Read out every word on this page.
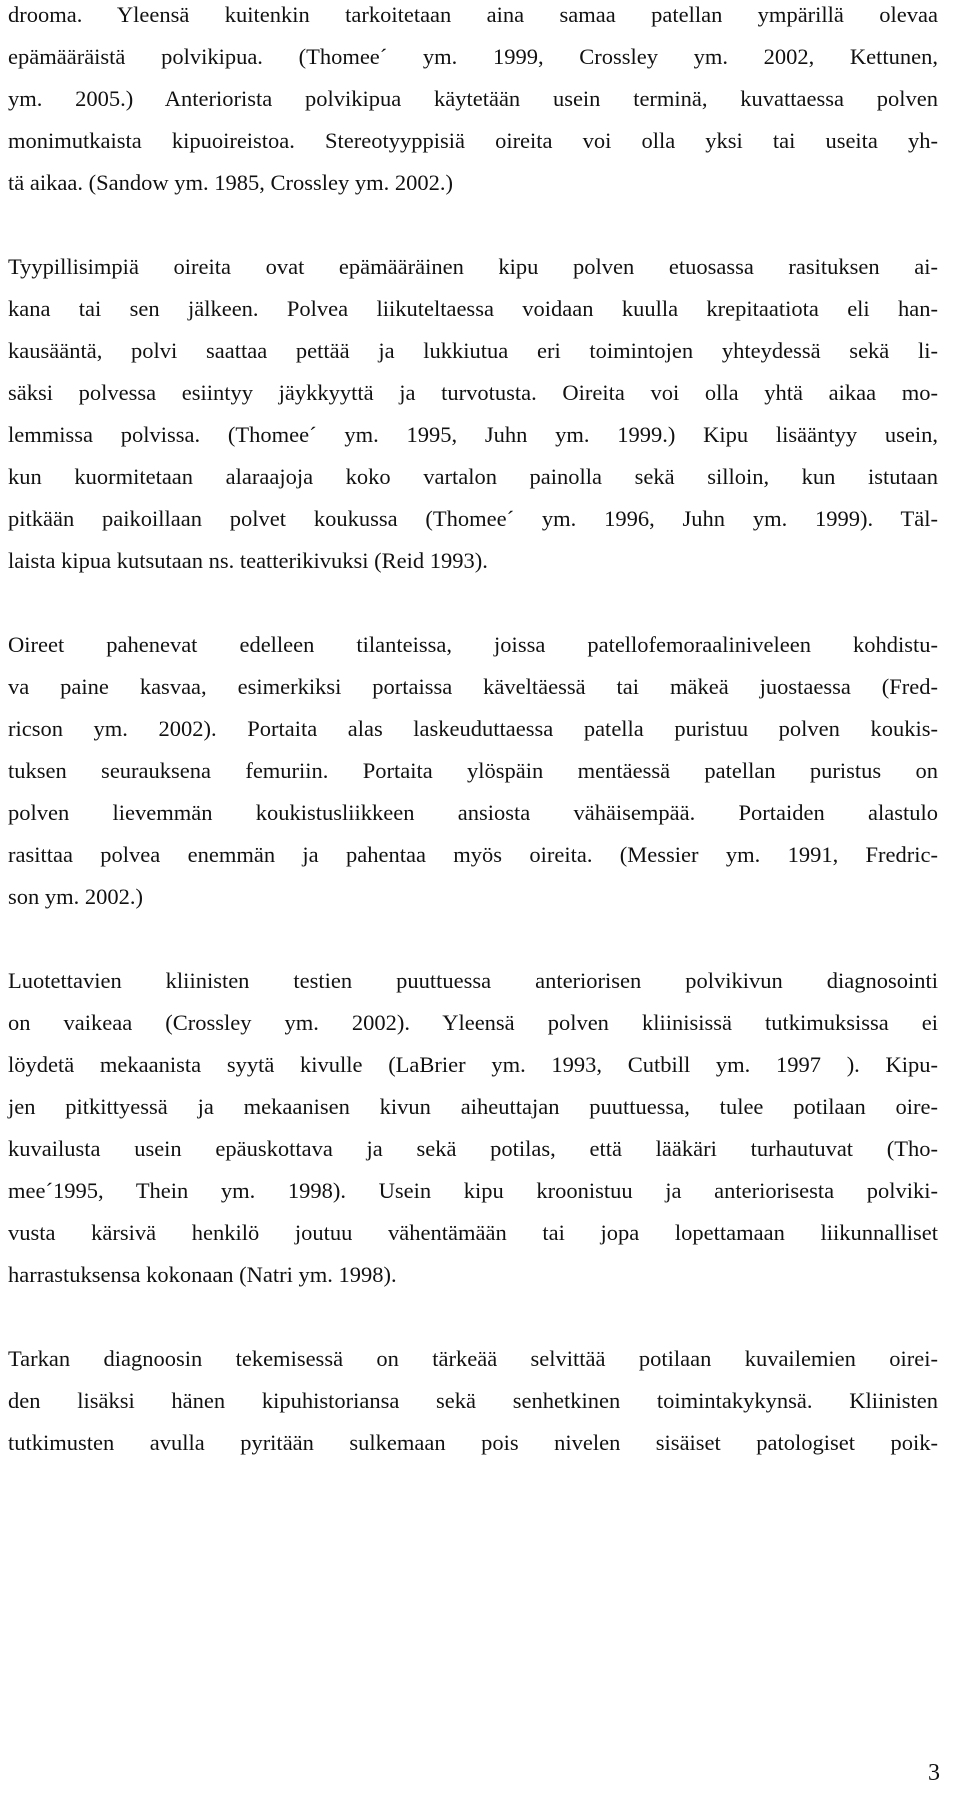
drooma. Yleensä kuitenkin tarkoitetaan aina samaa patellan ympärillä olevaa
epämääräistä polvikipua. (Thomee´ ym. 1999, Crossley ym. 2002, Kettunen,
ym. 2005.) Anteriorista polvikipua käytetään usein terminä, kuvattaessa polven
monimutkaista kipuoireistoa. Stereotyyppisiä oireita voi olla yksi tai useita yh-
tä aikaa. (Sandow ym. 1985, Crossley ym. 2002.)
Tyypillisimpiä oireita ovat epämääräinen kipu polven etuosassa rasituksen ai-
kana tai sen jälkeen. Polvea liikuteltaessa voidaan kuulla krepitaatiota eli han-
kausääntä, polvi saattaa pettää ja lukkiutua eri toimintojen yhteydessä sekä li-
säksi polvessa esiintyy jäykkyyttä ja turvotusta. Oireita voi olla yhtä aikaa mo-
lemmissa polvissa. (Thomee´ ym. 1995, Juhn ym. 1999.) Kipu lisääntyy usein,
kun kuormitetaan alaraajoja koko vartalon painolla sekä silloin, kun istutaan
pitkään paikoillaan polvet koukussa (Thomee´ ym. 1996, Juhn ym. 1999). Täl-
laista kipua kutsutaan ns. teatterikivuksi (Reid 1993).
Oireet pahenevat edelleen tilanteissa, joissa patellofemoraaliniveleen kohdistu-
va paine kasvaa, esimerkiksi portaissa käveltäessä tai mäkeä juostaessa (Fred-
ricson ym. 2002). Portaita alas laskeuduttaessa patella puristuu polven koukis-
tuksen seurauksena femuriin. Portaita ylöspäin mentäessä patellan puristus on
polven lievemmän koukistusliikkeen ansiosta vähäisempää. Portaiden alastulo
rasittaa polvea enemmän ja pahentaa myös oireita. (Messier ym. 1991, Fredric-
son ym. 2002.)
Luotettavien kliinisten testien puuttuessa anteriorisen polvikivun diagnosointi
on vaikeaa (Crossley ym. 2002). Yleensä polven kliinisissä tutkimuksissa ei
löydetä mekaanista syytä kivulle (LaBrier ym. 1993, Cutbill ym. 1997 ). Kipu-
jen pitkittyessä ja mekaanisen kivun aiheuttajan puuttuessa, tulee potilaan oire-
kuvailusta usein epäuskottava ja sekä potilas, että lääkäri turhautuvat (Tho-
mee´1995, Thein ym. 1998). Usein kipu kroonistuu ja anteriorisesta polviki-
vusta kärsivä henkilö joutuu vähentämään tai jopa lopettamaan liikunnalliset
harrastuksensa kokonaan (Natri ym. 1998).
Tarkan diagnoosin tekemisessä on tärkeää selvittää potilaan kuvailemien oirei-
den lisäksi hänen kipuhistoriansa sekä senhetkinen toimintakykynsä. Kliinisten
tutkimusten avulla pyritään sulkemaan pois nivelen sisäiset patologiset poik-
3
